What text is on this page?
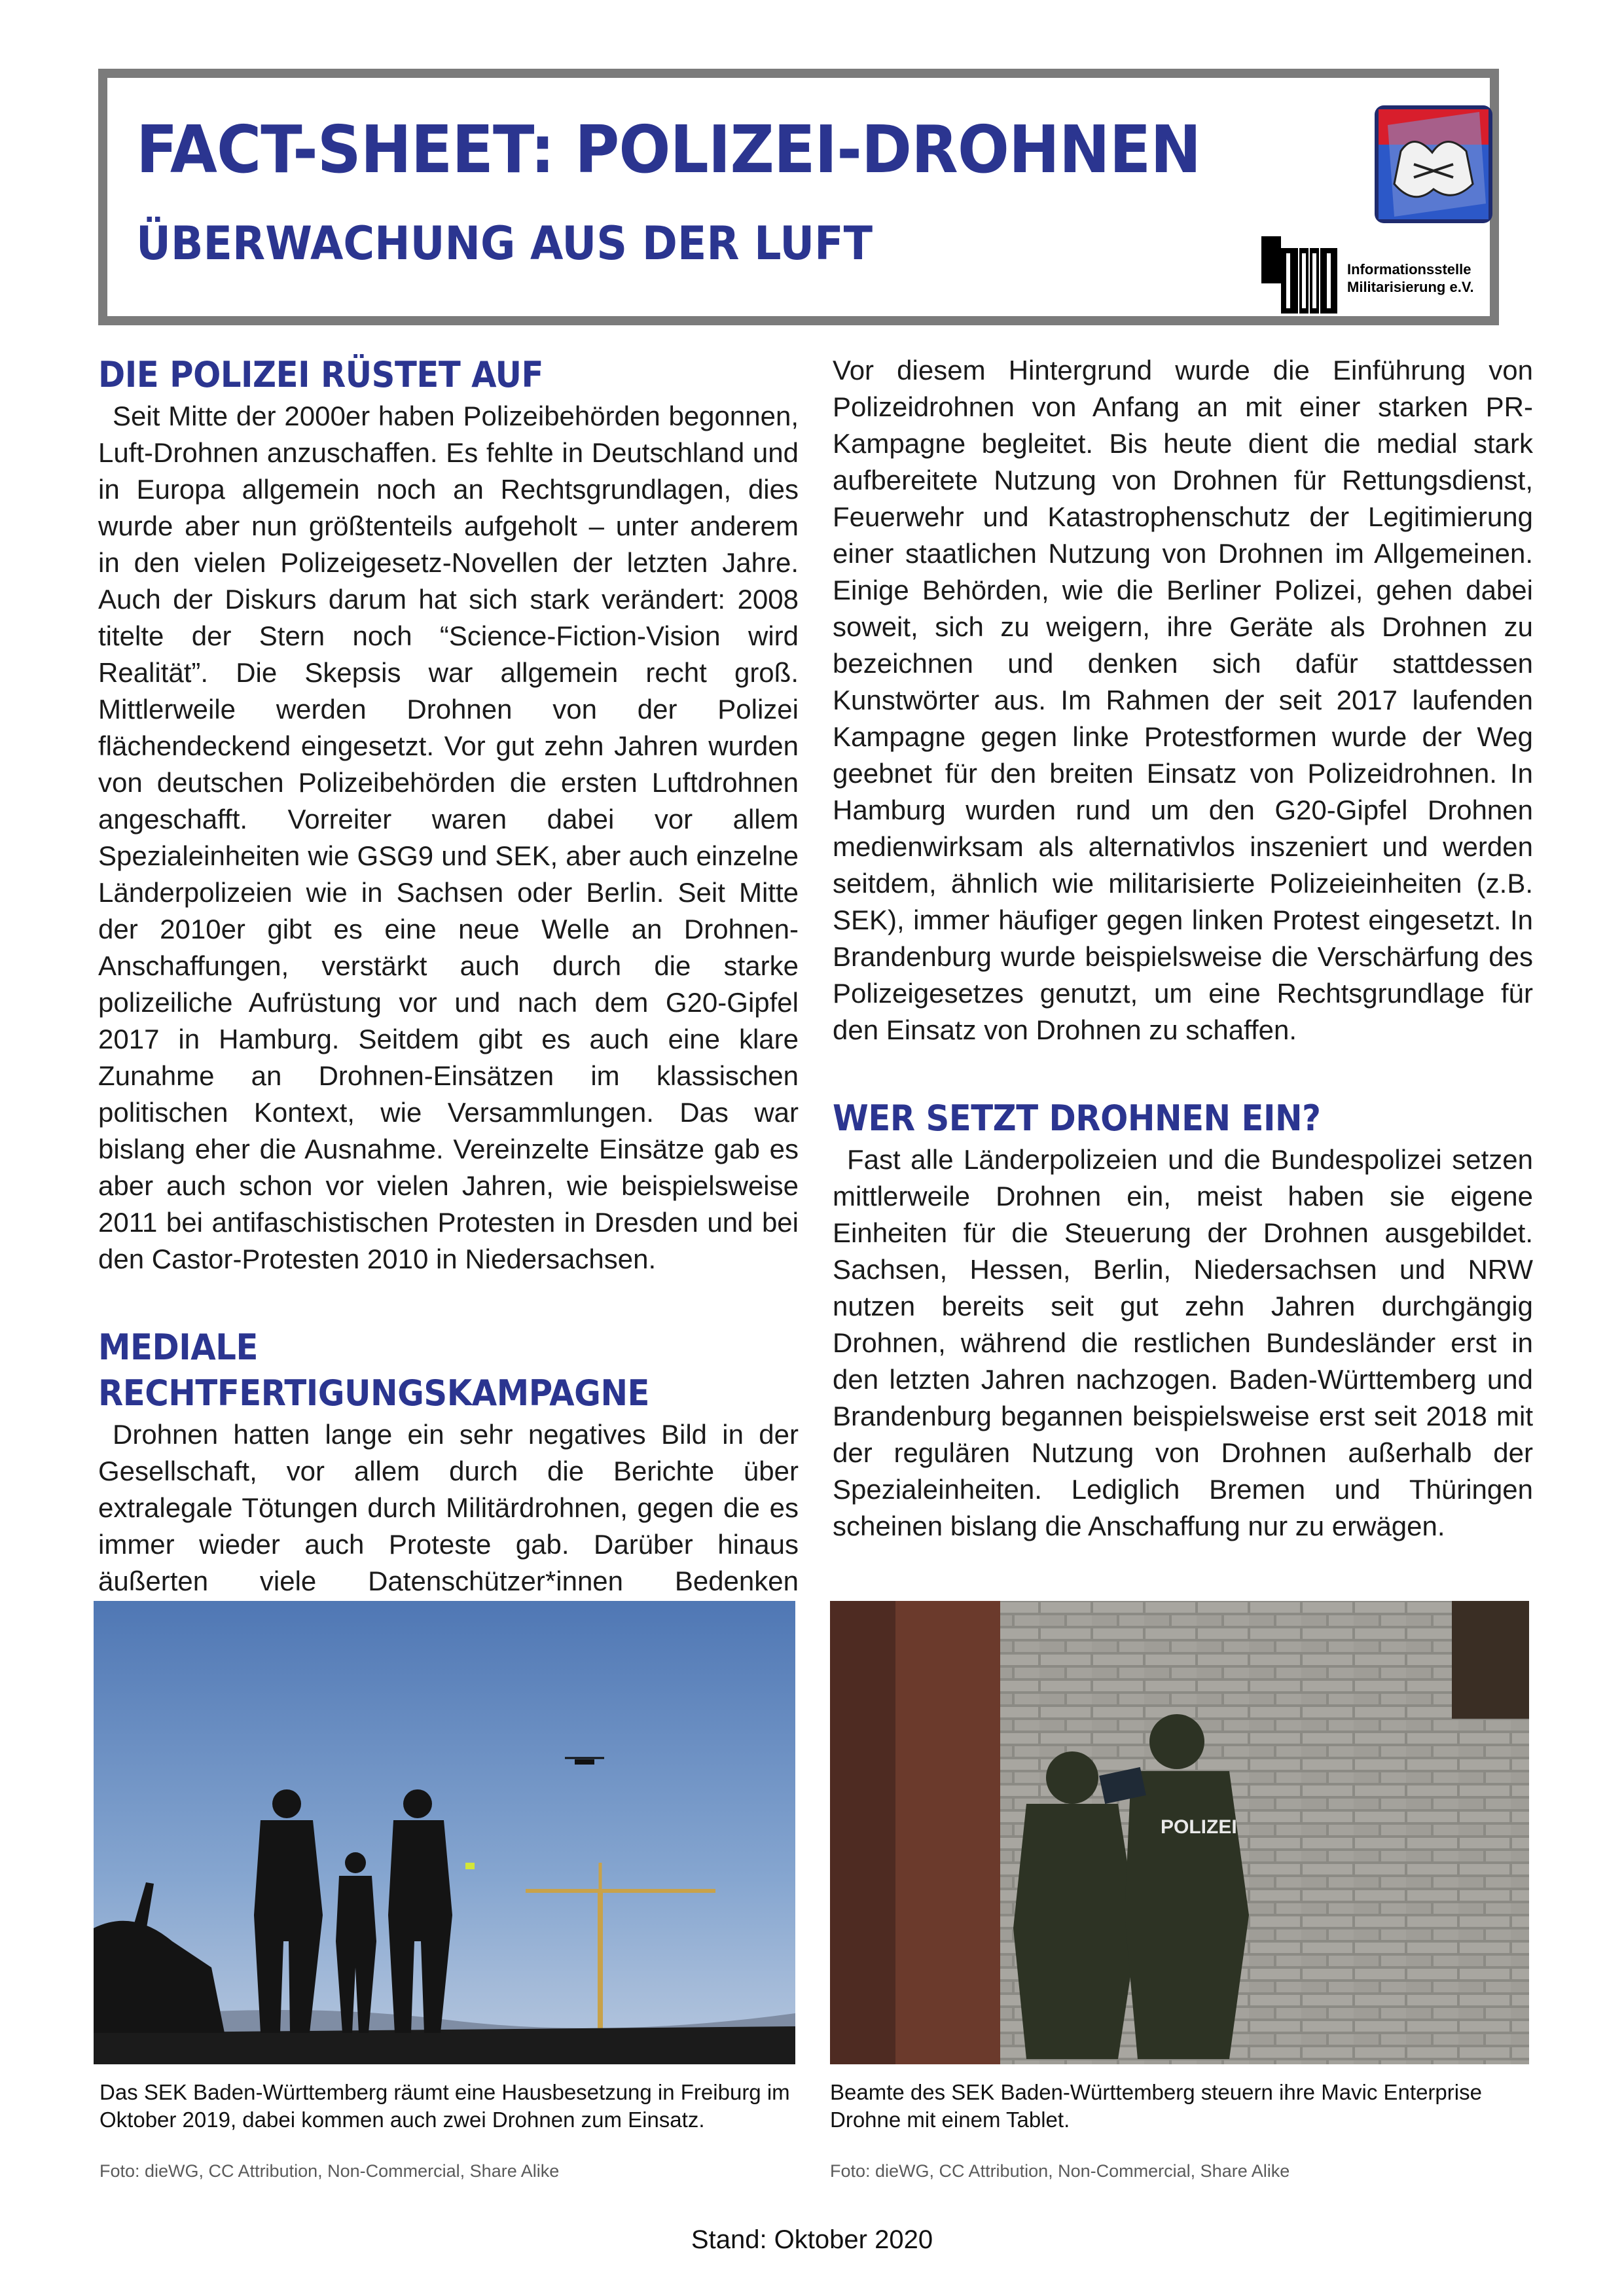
FACT-SHEET: POLIZEI-DROHNEN
ÜBERWACHUNG AUS DER LUFT	Informationsstelle
Militarisierung e.V.
DIE POLIZEI RÜSTET AUF

Seit Mitte der 2000er haben Polizeibehörden begonnen, Luft-Drohnen anzuschaffen. Es fehlte in Deutschland und in Europa allgemein noch an Rechtsgrundlagen, dies wurde aber nun größtenteils aufgeholt – unter anderem in den vielen Polizeigesetz-Novellen der letzten Jahre. Auch der Diskurs darum hat sich stark verändert: 2008 titelte der Stern noch “Science-Fiction-Vision wird Realität”. Die Skepsis war allgemein recht groß. Mittlerweile werden Drohnen von der Polizei flächendeckend eingesetzt. Vor gut zehn Jahren wurden von deutschen Polizeibehörden die ersten Luftdrohnen angeschafft. Vorreiter waren dabei vor allem Spezialeinheiten wie GSG9 und SEK, aber auch einzelne Länderpolizeien wie in Sachsen oder Berlin. Seit Mitte der 2010er gibt es eine neue Welle an Drohnen-Anschaffungen, verstärkt auch durch die starke polizeiliche Aufrüstung vor und nach dem G20-Gipfel 2017 in Hamburg. Seitdem gibt es auch eine klare Zunahme an Drohnen-Einsätzen im klassischen politischen Kontext, wie Versammlungen. Das war bislang eher die Ausnahme. Vereinzelte Einsätze gab es aber auch schon vor vielen Jahren, wie beispielsweise 2011 bei antifaschistischen Protesten in Dresden und bei den Castor-Protesten 2010 in Niedersachsen.

MEDIALE RECHTFERTIGUNGSKAMPAGNE

Drohnen hatten lange ein sehr negatives Bild in der Gesellschaft, vor allem durch die Berichte über extralegale Tötungen durch Militärdrohnen, gegen die es immer wieder auch Proteste gab. Darüber hinaus äußerten viele Datenschützer*innen Bedenken

Vor diesem Hintergrund wurde die Einführung von Polizeidrohnen von Anfang an mit einer starken PR-Kampagne begleitet. Bis heute dient die medial stark aufbereitete Nutzung von Drohnen für Rettungsdienst, Feuerwehr und Katastrophenschutz der Legitimierung einer staatlichen Nutzung von Drohnen im Allgemeinen. Einige Behörden, wie die Berliner Polizei, gehen dabei soweit, sich zu weigern, ihre Geräte als Drohnen zu bezeichnen und denken sich dafür stattdessen Kunstwörter aus. Im Rahmen der seit 2017 laufenden Kampagne gegen linke Protestformen wurde der Weg geebnet für den breiten Einsatz von Polizeidrohnen. In Hamburg wurden rund um den G20-Gipfel Drohnen medienwirksam als alternativlos inszeniert und werden seitdem, ähnlich wie militarisierte Polizeieinheiten (z.B. SEK), immer häufiger gegen linken Protest eingesetzt. In Brandenburg wurde beispielsweise die Verschärfung des Polizeigesetzes genutzt, um eine Rechtsgrundlage für den Einsatz von Drohnen zu schaffen.

WER SETZT DROHNEN EIN?

Fast alle Länderpolizeien und die Bundespolizei setzen mittlerweile Drohnen ein, meist haben sie eigene Einheiten für die Steuerung der Drohnen ausgebildet. Sachsen, Hessen, Berlin, Niedersachsen und NRW nutzen bereits seit gut zehn Jahren durchgängig Drohnen, während die restlichen Bundesländer erst in den letzten Jahren nachzogen. Baden-Württemberg und Brandenburg begannen beispielsweise erst seit 2018 mit der regulären Nutzung von Drohnen außerhalb der Spezialeinheiten. Lediglich Bremen und Thüringen scheinen bislang die Anschaffung nur zu erwägen.

POLIZEI
Das SEK Baden-Württemberg räumt eine Hausbesetzung in Freiburg im Oktober 2019, dabei kommen auch zwei Drohnen zum Einsatz.
Foto: dieWG, CC Attribution, Non-Commercial, Share Alike
Beamte des SEK Baden-Württemberg steuern ihre Mavic Enterprise Drohne mit einem Tablet.
Foto: dieWG, CC Attribution, Non-Commercial, Share Alike
Stand: Oktober 2020
